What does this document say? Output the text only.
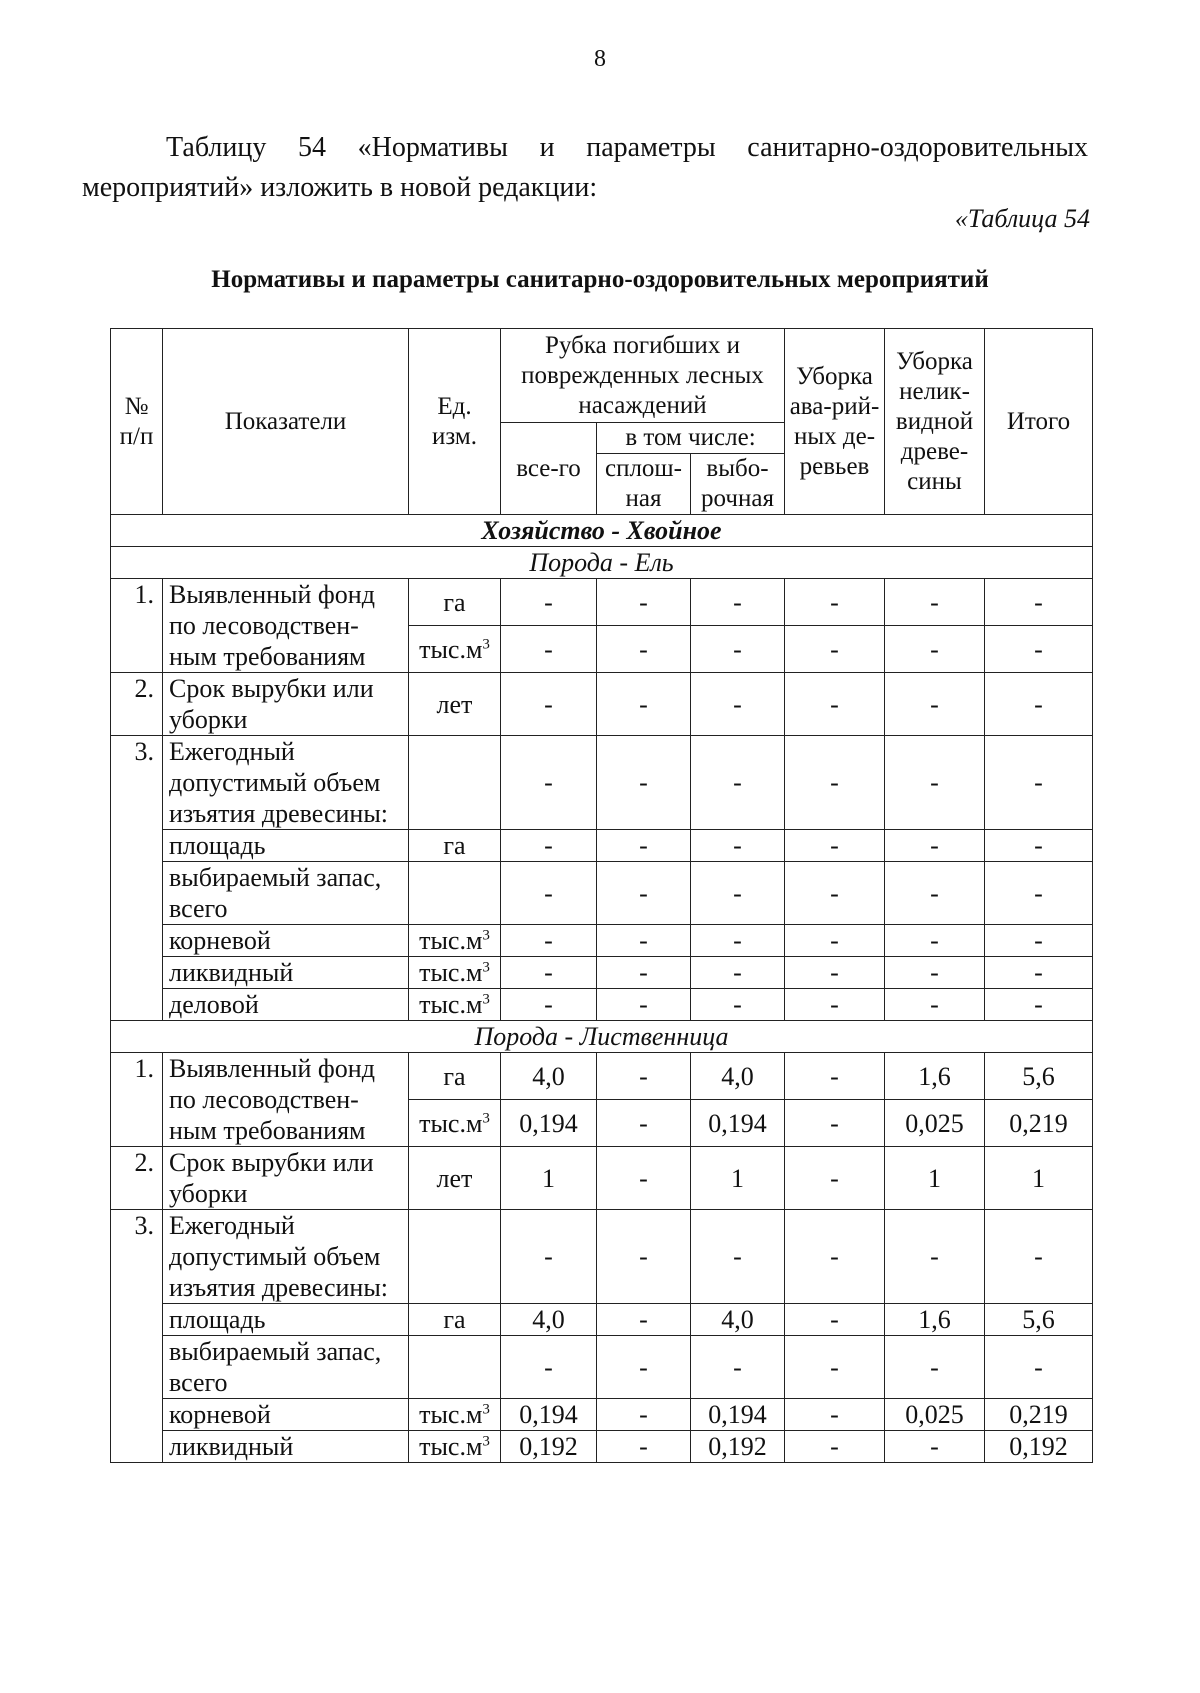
8
Таблицу 54 «Нормативы и параметры санитарно-оздоровительных
мероприятий» изложить в новой редакции:
«Таблица 54
Нормативы и параметры санитарно-оздоровительных мероприятий
№ п/п	Показатели	Ед. изм.	Рубка погибших и поврежденных лесных насаждений			Уборка ава-рий-ных де-ревьев	Уборка нелик-видной древе-сины	Итого
			все-го	в том числе:				
				сплош-ная	выбо-рочная			

Хозяйство - Хвойное								
Порода - Ель								
1.	Выявленный фонд по лесоводствен-ным требованиям	га	-	-	-	-	-	-
		$тыс.м^3$	-	-	-	-	-	-
2.	Срок вырубки или уборки	лет	-	-	-	-	-	-
3.	Ежегодный допустимый объем изъятия древесины:		-	-	-	-	-	-
	площадь	га	-	-	-	-	-	-
	выбираемый запас, всего		-	-	-	-	-	-
	корневой	$тыс.м^3$	-	-	-	-	-	-
	ликвидный	$тыс.м^3$	-	-	-	-	-	-
	деловой	$тыс.м^3$	-	-	-	-	-	-
Порода - Лиственница								
1.	Выявленный фонд по лесоводствен-ным требованиям	га	4,0	-	4,0	-	1,6	5,6
		$тыс.м^3$	0,194	-	0,194	-	0,025	0,219
2.	Срок вырубки или уборки	лет	1	-	1	-	1	1
3.	Ежегодный допустимый объем изъятия древесины:		-	-	-	-	-	-
	площадь	га	4,0	-	4,0	-	1,6	5,6
	выбираемый запас, всего		-	-	-	-	-	-
	корневой	$тыс.м^3$	0,194	-	0,194	-	0,025	0,219
	ликвидный	$тыс.м^3$	0,192	-	0,192	-	-	0,192
